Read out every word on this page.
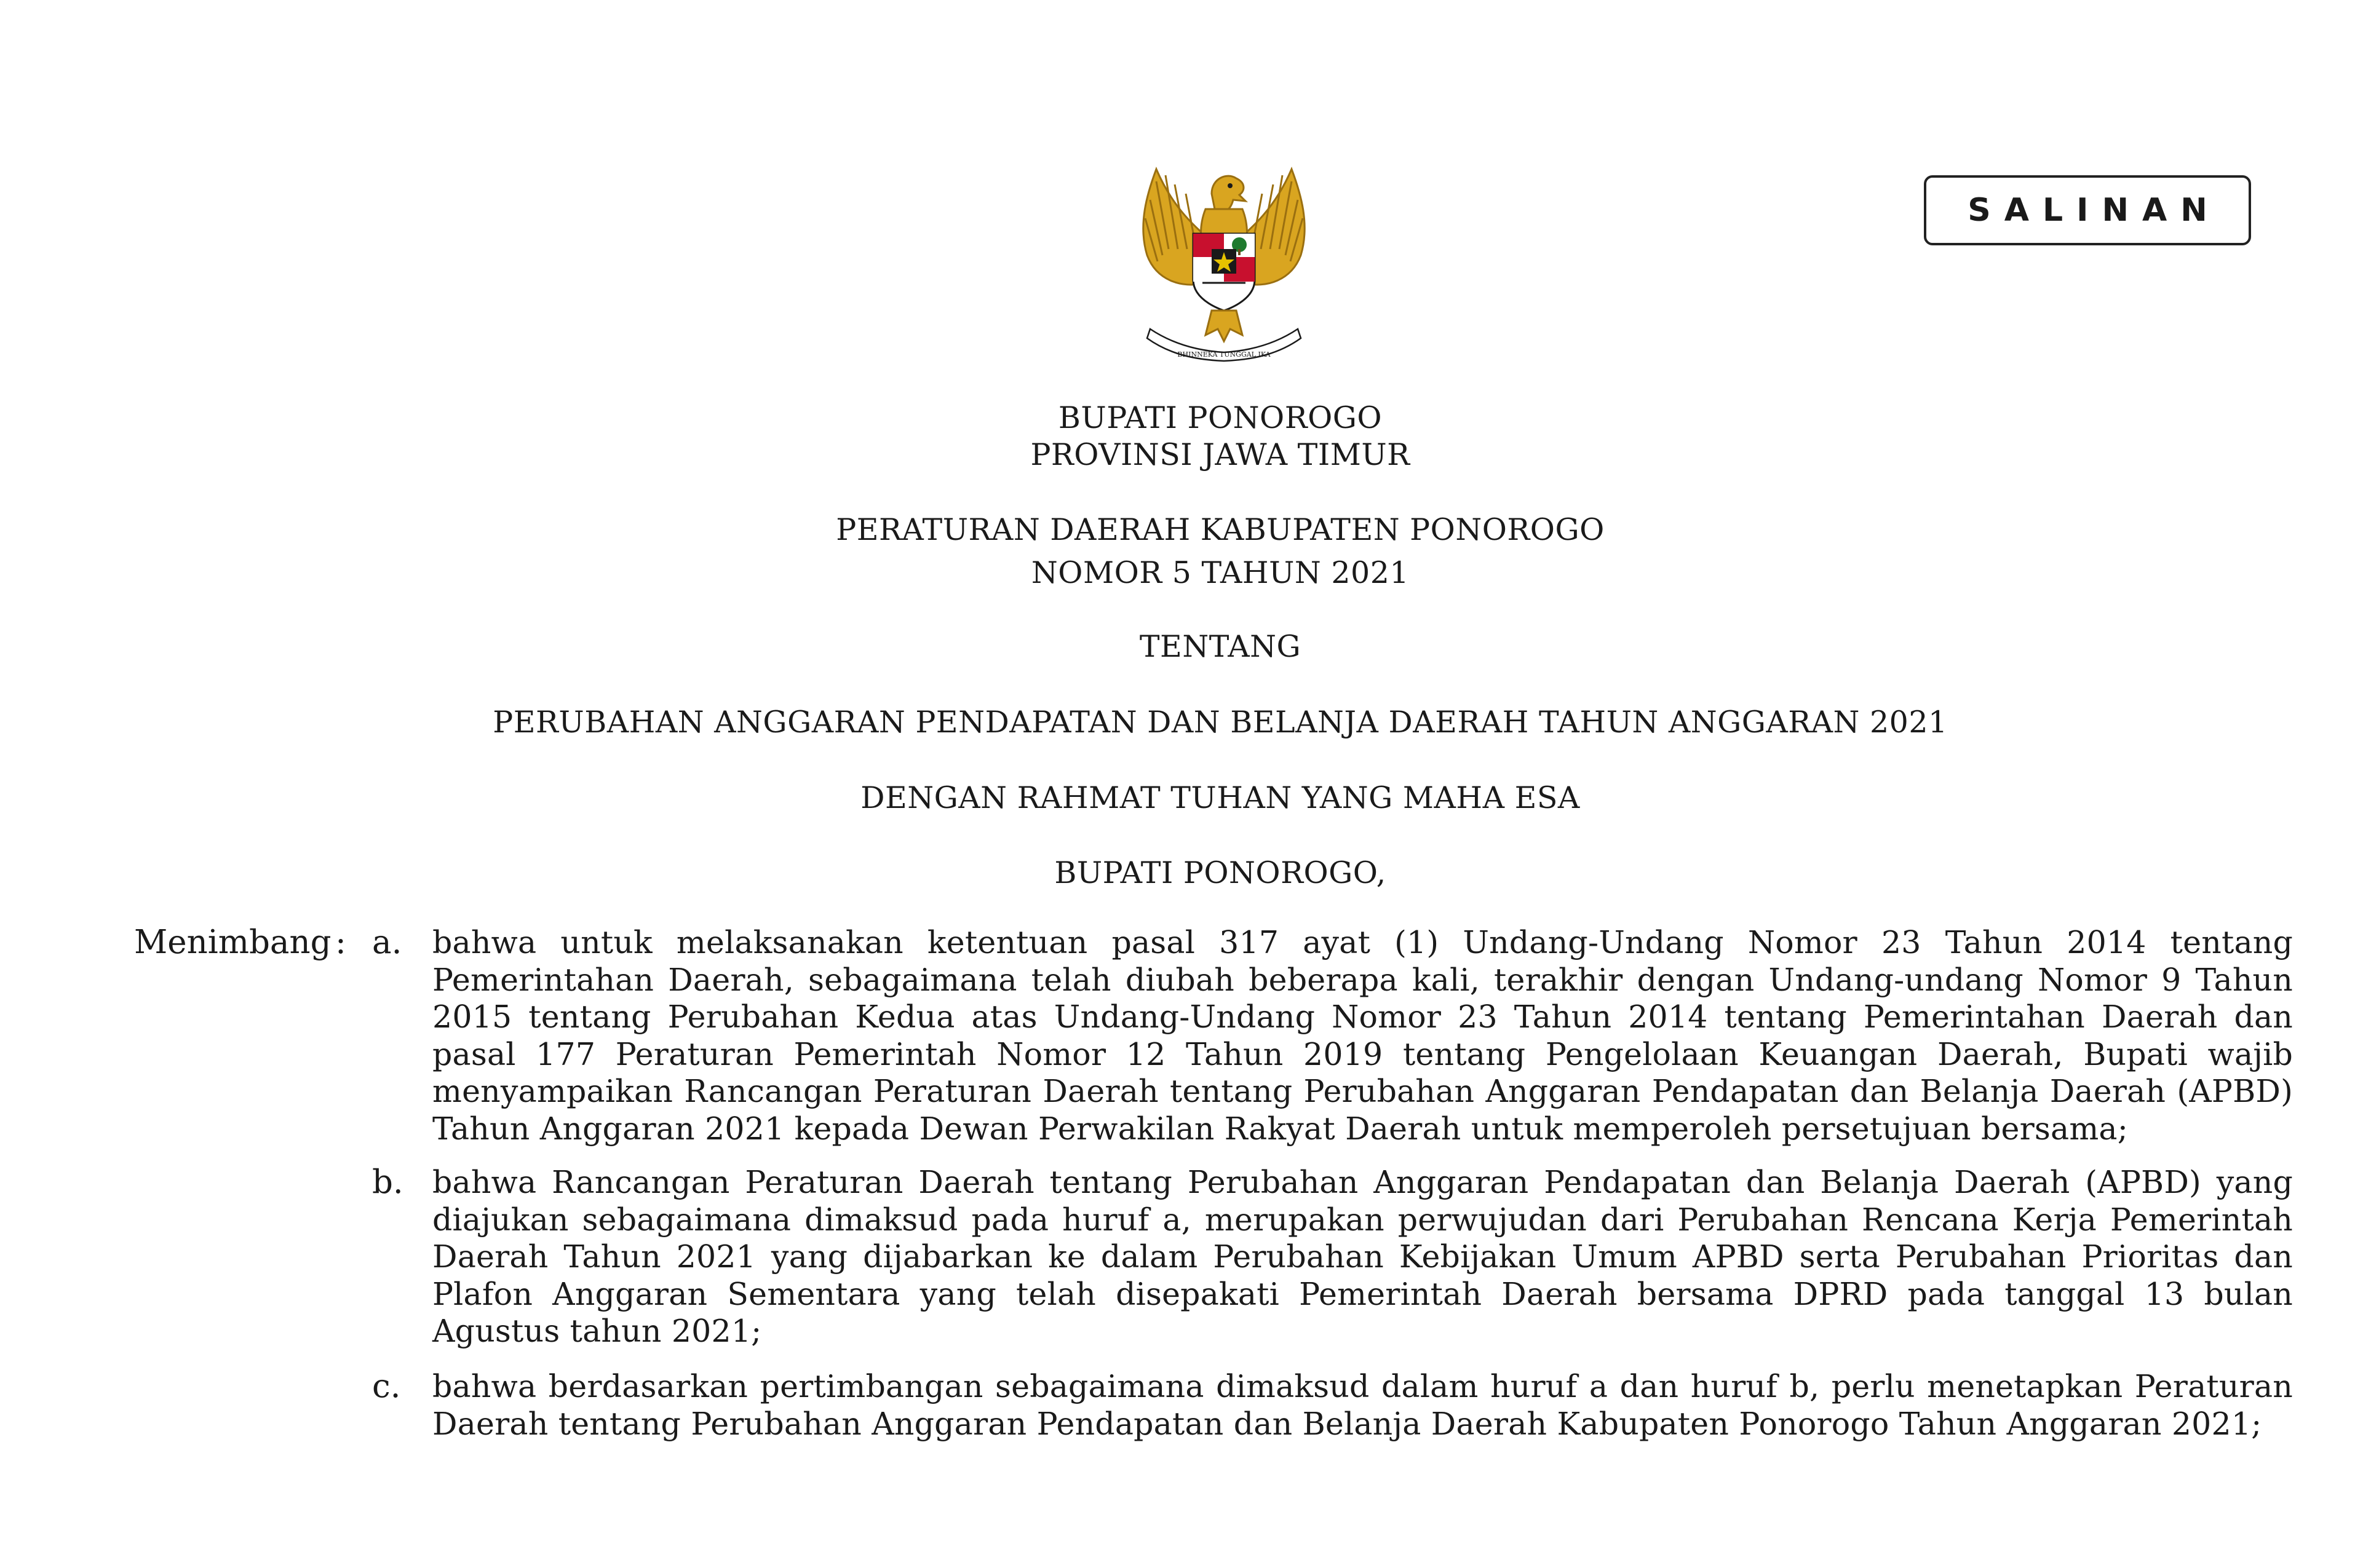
BHINNEKA TUNGGAL IKA
SALINAN
BUPATI PONOROGO
PROVINSI JAWA TIMUR
PERATURAN DAERAH KABUPATEN PONOROGO
NOMOR 5 TAHUN 2021
TENTANG
PERUBAHAN ANGGARAN PENDAPATAN DAN BELANJA DAERAH TAHUN ANGGARAN 2021
DENGAN RAHMAT TUHAN YANG MAHA ESA
BUPATI PONOROGO,
Menimbang : a. bahwa untuk melaksanakan ketentuan pasal 317 ayat (1) Undang-Undang Nomor 23 Tahun 2014 tentang Pemerintahan Daerah, sebagaimana telah diubah beberapa kali, terakhir dengan Undang-undang Nomor 9 Tahun 2015 tentang Perubahan Kedua atas Undang-Undang Nomor 23 Tahun 2014 tentang Pemerintahan Daerah dan pasal 177 Peraturan Pemerintah Nomor 12 Tahun 2019 tentang Pengelolaan Keuangan Daerah, Bupati wajib menyampaikan Rancangan Peraturan Daerah tentang Perubahan Anggaran Pendapatan dan Belanja Daerah (APBD) Tahun Anggaran 2021 kepada Dewan Perwakilan Rakyat Daerah untuk memperoleh persetujuan bersama;
b. bahwa Rancangan Peraturan Daerah tentang Perubahan Anggaran Pendapatan dan Belanja Daerah (APBD) yang diajukan sebagaimana dimaksud pada huruf a, merupakan perwujudan dari Perubahan Rencana Kerja Pemerintah Daerah Tahun 2021 yang dijabarkan ke dalam Perubahan Kebijakan Umum APBD serta Perubahan Prioritas dan Plafon Anggaran Sementara yang telah disepakati Pemerintah Daerah bersama DPRD pada tanggal 13 bulan Agustus tahun 2021;
c. bahwa berdasarkan pertimbangan sebagaimana dimaksud dalam huruf a dan huruf b, perlu menetapkan Peraturan Daerah tentang Perubahan Anggaran Pendapatan dan Belanja Daerah Kabupaten Ponorogo Tahun Anggaran 2021;
